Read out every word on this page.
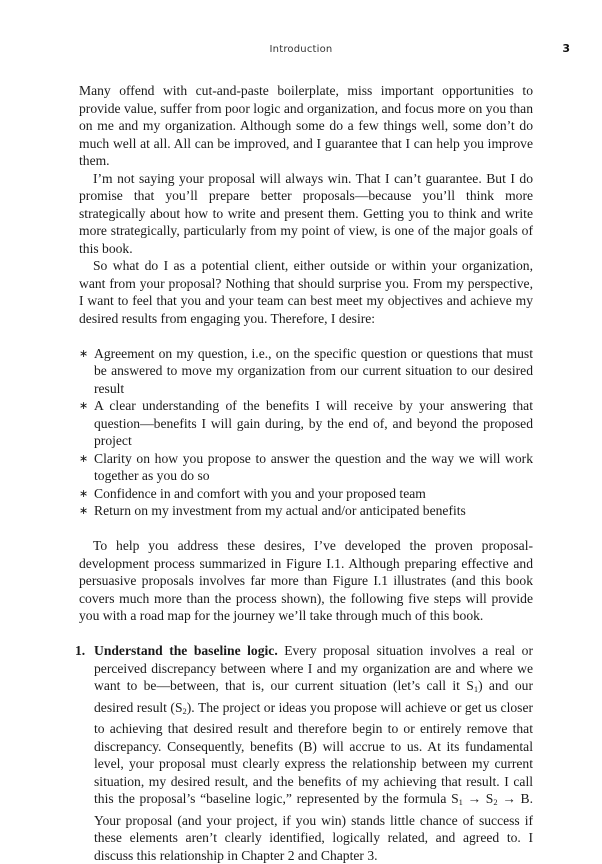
Introduction	3

Many offend with cut-and-paste boilerplate, miss important opportunities to provide value, suffer from poor logic and organization, and focus more on you than on me and my organization. Although some do a few things well, some don’t do much well at all. All can be improved, and I guarantee that I can help you improve them.

I’m not saying your proposal will always win. That I can’t guarantee. But I do promise that you’ll prepare better proposals—because you’ll think more strategically about how to write and present them. Getting you to think and write more strategically, particularly from my point of view, is one of the major goals of this book.

So what do I as a potential client, either outside or within your organization, want from your proposal? Nothing that should surprise you. From my perspective, I want to feel that you and your team can best meet my objectives and achieve my desired results from engaging you. Therefore, I desire:

∗ Agreement on my question, i.e., on the specific question or questions that must be answered to move my organization from our current situation to our desired result
∗ A clear understanding of the benefits I will receive by your answering that question—benefits I will gain during, by the end of, and beyond the proposed project
∗ Clarity on how you propose to answer the question and the way we will work together as you do so
∗ Confidence in and comfort with you and your proposed team
∗ Return on my investment from my actual and/or anticipated benefits

To help you address these desires, I’ve developed the proven proposal-development process summarized in Figure I.1. Although preparing effective and persuasive proposals involves far more than Figure I.1 illustrates (and this book covers much more than the process shown), the following five steps will provide you with a road map for the journey we’ll take through much of this book.

1. Understand the baseline logic. Every proposal situation involves a real or perceived discrepancy between where I and my organization are and where we want to be—between, that is, our current situation (let’s call it $S_1$) and our desired result $(S_2)$. The project or ideas you propose will achieve or get us closer to achieving that desired result and therefore begin to or entirely remove that discrepancy. Consequently, benefits (B) will accrue to us. At its fundamental level, your proposal must clearly express the relationship between my current situation, my desired result, and the benefits of my achieving that result. I call this the proposal’s “baseline logic,” represented by the formula $S_1 \to S_2 \to B$. Your proposal (and your project, if you win) stands little chance of success if these elements aren’t clearly identified, logically related, and agreed to. I discuss this relationship in Chapter 2 and Chapter 3.
